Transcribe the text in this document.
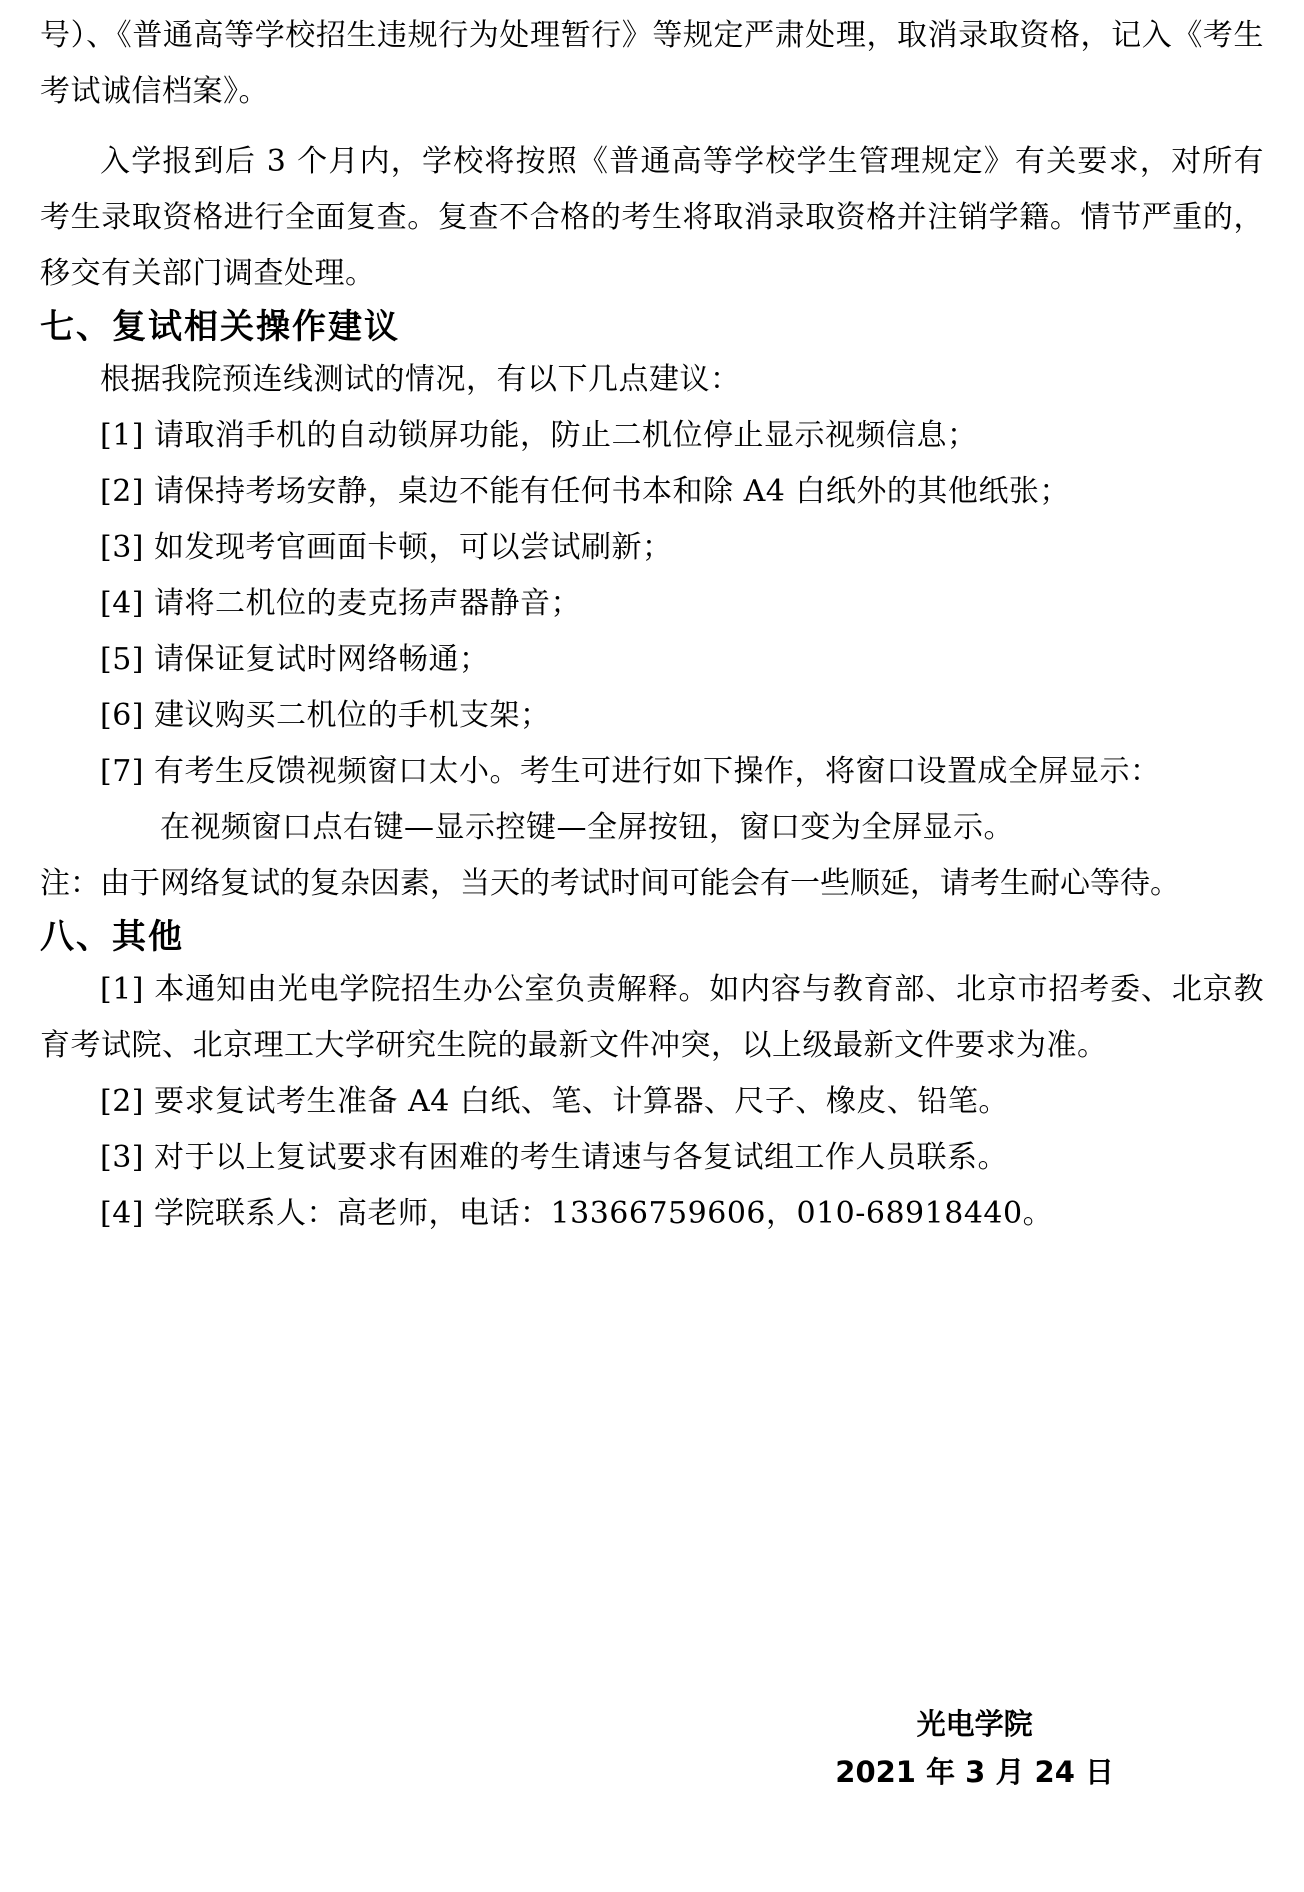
号）、《普通高等学校招生违规行为处理暂行》等规定严肃处理，取消录取资格，记入《考生考试诚信档案》。

入学报到后 3 个月内，学校将按照《普通高等学校学生管理规定》有关要求，对所有考生录取资格进行全面复查。复查不合格的考生将取消录取资格并注销学籍。情节严重的，移交有关部门调查处理。

七、复试相关操作建议

根据我院预连线测试的情况，有以下几点建议：

[1] 请取消手机的自动锁屏功能，防止二机位停止显示视频信息；

[2] 请保持考场安静，桌边不能有任何书本和除 A4 白纸外的其他纸张；

[3] 如发现考官画面卡顿，可以尝试刷新；

[4] 请将二机位的麦克扬声器静音；

[5] 请保证复试时网络畅通；

[6] 建议购买二机位的手机支架；

[7] 有考生反馈视频窗口太小。考生可进行如下操作，将窗口设置成全屏显示：

在视频窗口点右键—显示控键—全屏按钮，窗口变为全屏显示。

注：由于网络复试的复杂因素，当天的考试时间可能会有一些顺延，请考生耐心等待。

八、其他

[1] 本通知由光电学院招生办公室负责解释。如内容与教育部、北京市招考委、北京教育考试院、北京理工大学研究生院的最新文件冲突，以上级最新文件要求为准。

[2] 要求复试考生准备 A4 白纸、笔、计算器、尺子、橡皮、铅笔。

[3] 对于以上复试要求有困难的考生请速与各复试组工作人员联系。

[4] 学院联系人：高老师，电话：13366759606，010-68918440。

光电学院
2021 年 3 月 24 日
